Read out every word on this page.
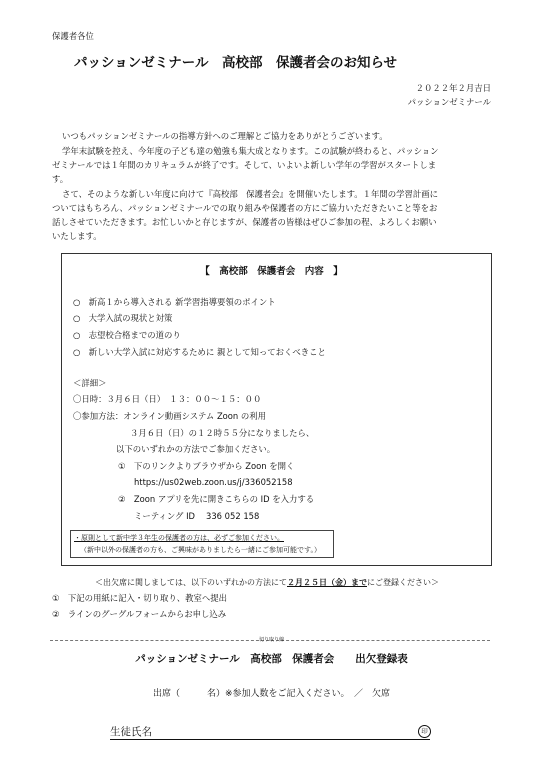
保護者各位
パッションゼミナール　高校部　保護者会のお知らせ
２０２２年２月吉日
パッションゼミナール
いつもパッションゼミナールの指導方針へのご理解とご協力をありがとうございます。
学年末試験を控え、今年度の子ども達の勉強も集大成となります。この試験が終わると、パッション
ゼミナールでは１年間のカリキュラムが終了です。そして、いよいよ新しい学年の学習がスタートしま
す。
さて、そのような新しい年度に向けて『高校部　保護者会』を開催いたします。１年間の学習計画に
ついてはもちろん、パッションゼミナールでの取り組みや保護者の方にご協力いただきたいこと等をお
話しさせていただきます。お忙しいかと存じますが、保護者の皆様はぜひご参加の程、よろしくお願い
いたします。
【　高校部　保護者会　内容　】
○　新高１から導入される 新学習指導要領のポイント
○　大学入試の現状と対策
○　志望校合格までの道のり
○　新しい大学入試に対応するために 親として知っておくべきこと
＜詳細＞
〇日時：３月６日（日）　１３：００〜１５：００
〇参加方法：オンライン動画システム Zoon の利用
３月６日（日）の１２時５５分になりましたら、
以下のいずれかの方法でご参加ください。
①　下のリンクよりブラウザから Zoon を開く
https://us02web.zoon.us/j/336052158
②　Zoon アプリを先に開きこちらの ID を入力する
ミーティング ID　 336 052 158
・原則として新中学３年生の保護者の方は、必ずご参加ください。
（新中以外の保護者の方も、ご興味がありましたら一緒にご参加可能です。）
＜出欠席に関しましては、以下のいずれかの方法にて２月２５日（金）までにご登録ください＞
①　下記の用紙に記入・切り取り、教室へ提出
②　ラインのグーグルフォームからお申し込み
切り取り線
パッションゼミナール　高校部　保護者会　　出欠登録表
出席（　　　名）※参加人数をご記入ください。　／　欠席
生徒氏名	印
